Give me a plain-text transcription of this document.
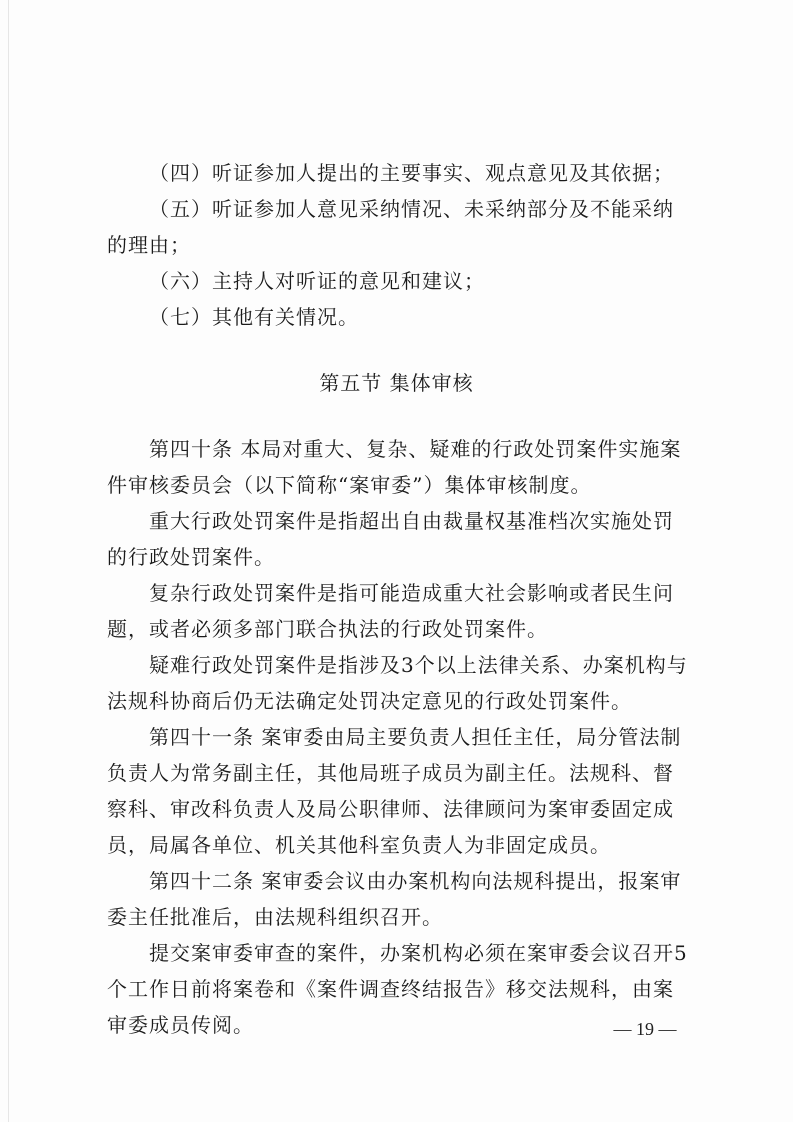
（四）听证参加人提出的主要事实、观点意见及其依据；

（五）听证参加人意见采纳情况、未采纳部分及不能采纳的理由；

（六）主持人对听证的意见和建议；

（七）其他有关情况。

第五节 集体审核

第四十条 本局对重大、复杂、疑难的行政处罚案件实施案件审核委员会（以下简称“案审委”）集体审核制度。

重大行政处罚案件是指超出自由裁量权基准档次实施处罚的行政处罚案件。

复杂行政处罚案件是指可能造成重大社会影响或者民生问题，或者必须多部门联合执法的行政处罚案件。

疑难行政处罚案件是指涉及3个以上法律关系、办案机构与法规科协商后仍无法确定处罚决定意见的行政处罚案件。

第四十一条 案审委由局主要负责人担任主任，局分管法制负责人为常务副主任，其他局班子成员为副主任。法规科、督察科、审改科负责人及局公职律师、法律顾问为案审委固定成员，局属各单位、机关其他科室负责人为非固定成员。

第四十二条 案审委会议由办案机构向法规科提出，报案审委主任批准后，由法规科组织召开。

提交案审委审查的案件，办案机构必须在案审委会议召开5个工作日前将案卷和《案件调查终结报告》移交法规科，由案审委成员传阅。	— 19 —
